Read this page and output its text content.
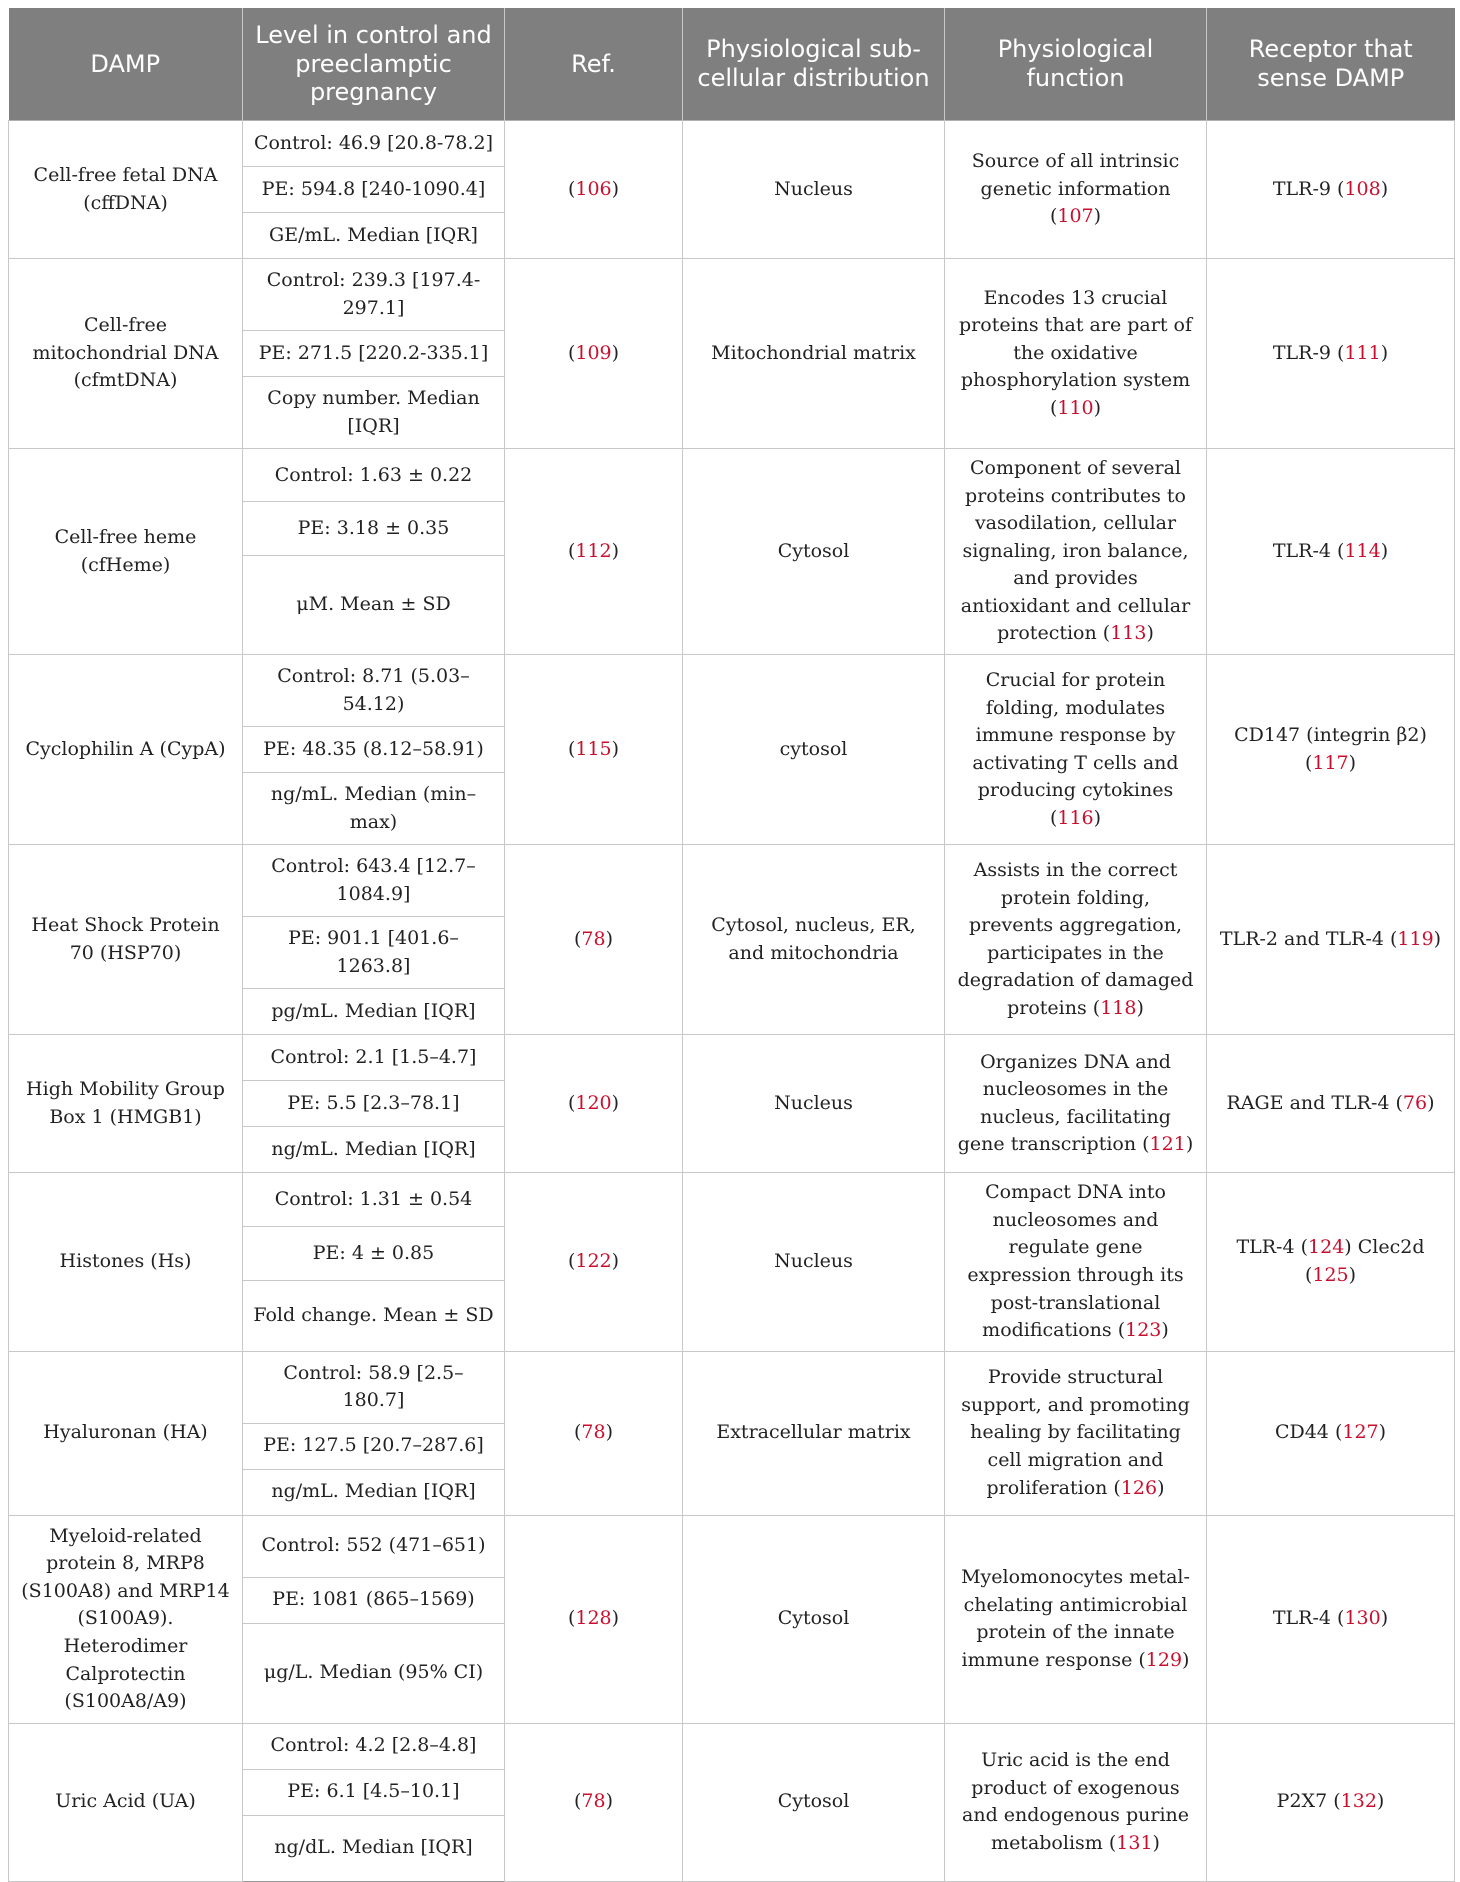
DAMP	Level in control and preeclamptic pregnancy	Ref.	Physiological sub-cellular distribution	Physiological function	Receptor that sense DAMP
Cell-free fetal DNA (cffDNA)	Control: 46.9 [20.8-78.2]	(106)	Nucleus	Source of all intrinsic genetic information (107)	TLR-9 (108)
	PE: 594.8 [240-1090.4]				
	GE/mL. Median [IQR]				
Cell-free mitochondrial DNA (cfmtDNA)	Control: 239.3 [197.4-297.1]	(109)	Mitochondrial matrix	Encodes 13 crucial proteins that are part of the oxidative phosphorylation system (110)	TLR-9 (111)
	PE: 271.5 [220.2-335.1]				
	Copy number. Median [IQR]				
Cell-free heme (cfHeme)	Control: 1.63 ± 0.22	(112)	Cytosol	Component of several proteins contributes to vasodilation, cellular signaling, iron balance, and provides antioxidant and cellular protection (113)	TLR-4 (114)
	PE: 3.18 ± 0.35				
	μM. Mean ± SD				
Cyclophilin A (CypA)	Control: 8.71 (5.03–54.12)	(115)	cytosol	Crucial for protein folding, modulates immune response by activating T cells and producing cytokines (116)	CD147 (integrin β2) (117)
	PE: 48.35 (8.12–58.91)				
	ng/mL. Median (min–max)				
Heat Shock Protein 70 (HSP70)	Control: 643.4 [12.7–1084.9]	(78)	Cytosol, nucleus, ER, and mitochondria	Assists in the correct protein folding, prevents aggregation, participates in the degradation of damaged proteins (118)	TLR-2 and TLR-4 (119)
	PE: 901.1 [401.6–1263.8]				
	pg/mL. Median [IQR]				
High Mobility Group Box 1 (HMGB1)	Control: 2.1 [1.5–4.7]	(120)	Nucleus	Organizes DNA and nucleosomes in the nucleus, facilitating gene transcription (121)	RAGE and TLR-4 (76)
	PE: 5.5 [2.3–78.1]				
	ng/mL. Median [IQR]				
Histones (Hs)	Control: 1.31 ± 0.54	(122)	Nucleus	Compact DNA into nucleosomes and regulate gene expression through its post-translational modifications (123)	TLR-4 (124) Clec2d (125)
	PE: 4 ± 0.85				
	Fold change. Mean ± SD				
Hyaluronan (HA)	Control: 58.9 [2.5–180.7]	(78)	Extracellular matrix	Provide structural support, and promoting healing by facilitating cell migration and proliferation (126)	CD44 (127)
	PE: 127.5 [20.7–287.6]				
	ng/mL. Median [IQR]				
Myeloid-related protein 8, MRP8 (S100A8) and MRP14 (S100A9). Heterodimer Calprotectin (S100A8/A9)	Control: 552 (471–651)	(128)	Cytosol	Myelomonocytes metal-chelating antimicrobial protein of the innate immune response (129)	TLR-4 (130)
	PE: 1081 (865–1569)				
	μg/L. Median (95% CI)				
Uric Acid (UA)	Control: 4.2 [2.8–4.8]	(78)	Cytosol	Uric acid is the end product of exogenous and endogenous purine metabolism (131)	P2X7 (132)
	PE: 6.1 [4.5–10.1]				
	ng/dL. Median [IQR]				
